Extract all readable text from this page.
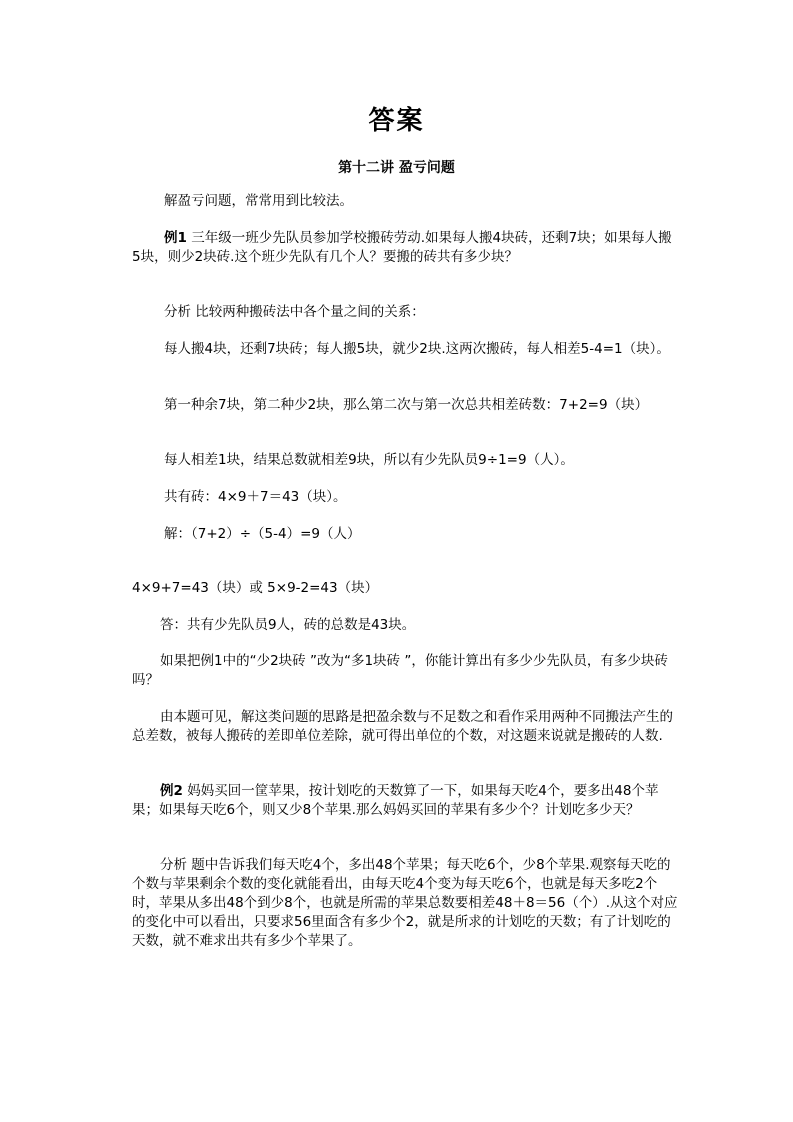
答案
第十二讲 盈亏问题

解盈亏问题，常常用到比较法。

例1 三年级一班少先队员参加学校搬砖劳动.如果每人搬4块砖，还剩7块；如果每人搬5块，则少2块砖.这个班少先队有几个人？要搬的砖共有多少块？

分析 比较两种搬砖法中各个量之间的关系：

每人搬4块，还剩7块砖；每人搬5块，就少2块.这两次搬砖，每人相差5-4=1（块）。

第一种余7块，第二种少2块，那么第二次与第一次总共相差砖数：7+2=9（块）

每人相差1块，结果总数就相差9块，所以有少先队员9÷1=9（人）。

共有砖：4×9＋7＝43（块）。

解：（7+2）÷（5-4）=9（人）

4×9+7=43（块）或 5×9-2=43（块）

答：共有少先队员9人，砖的总数是43块。

如果把例1中的“少2块砖 ”改为“多1块砖 ”，你能计算出有多少少先队员，有多少块砖吗？

由本题可见，解这类问题的思路是把盈余数与不足数之和看作采用两种不同搬法产生的总差数，被每人搬砖的差即单位差除，就可得出单位的个数，对这题来说就是搬砖的人数.

例2 妈妈买回一筐苹果，按计划吃的天数算了一下，如果每天吃4个，要多出48个苹果；如果每天吃6个，则又少8个苹果.那么妈妈买回的苹果有多少个？计划吃多少天？

分析 题中告诉我们每天吃4个，多出48个苹果；每天吃6个，少8个苹果.观察每天吃的个数与苹果剩余个数的变化就能看出，由每天吃4个变为每天吃6个，也就是每天多吃2个时，苹果从多出48个到少8个，也就是所需的苹果总数要相差48＋8＝56（个）.从这个对应的变化中可以看出，只要求56里面含有多少个2，就是所求的计划吃的天数；有了计划吃的天数，就不难求出共有多少个苹果了。
